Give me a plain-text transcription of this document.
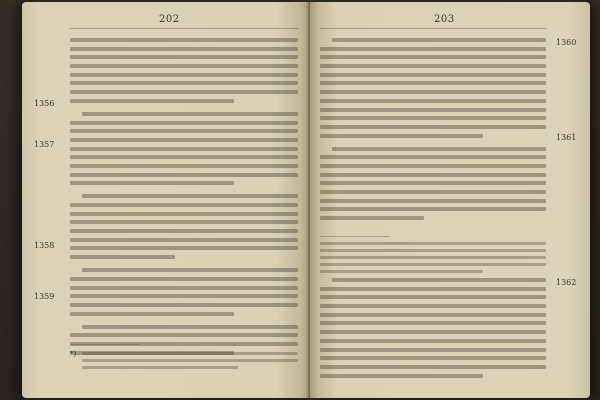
202
1356
1357
1358
1359
*)
203
1360
1361
1362
